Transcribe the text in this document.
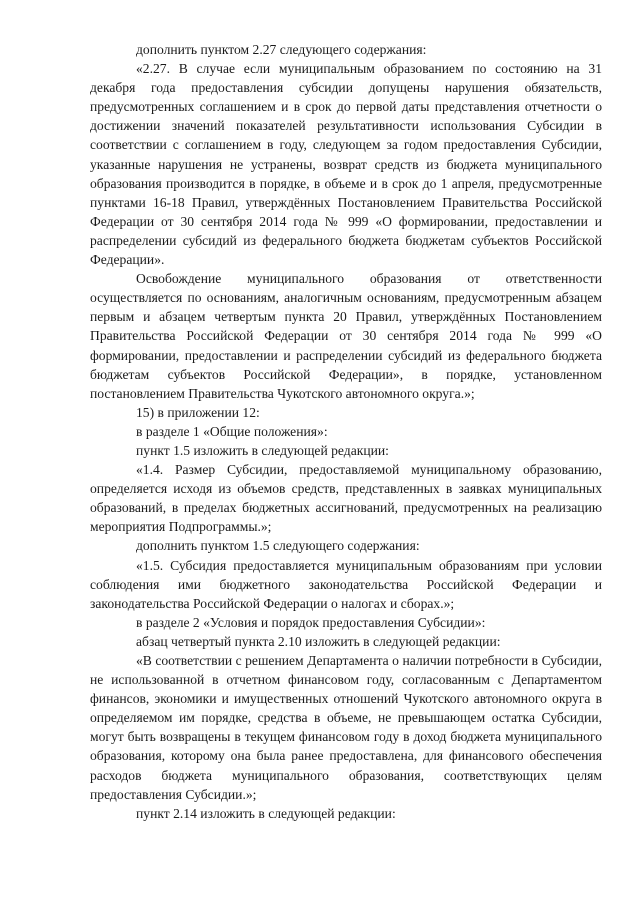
дополнить пунктом 2.27 следующего содержания:

«2.27. В случае если муниципальным образованием по состоянию на 31 декабря года предоставления субсидии допущены нарушения обязательств, предусмотренных соглашением и в срок до первой даты представления отчетности о достижении значений показателей результативности использования Субсидии в соответствии с соглашением в году, следующем за годом предоставления Субсидии, указанные нарушения не устранены, возврат средств из бюджета муниципального образования производится в порядке, в объеме и в срок до 1 апреля, предусмотренные пунктами 16-18 Правил, утверждённых Постановлением Правительства Российской Федерации от 30 сентября 2014 года № 999 «О формировании, предоставлении и распределении субсидий из федерального бюджета бюджетам субъектов Российской Федерации».

Освобождение муниципального образования от ответственности осуществляется по основаниям, аналогичным основаниям, предусмотренным абзацем первым и абзацем четвертым пункта 20 Правил, утверждённых Постановлением Правительства Российской Федерации от 30 сентября 2014 года № 999 «О формировании, предоставлении и распределении субсидий из федерального бюджета бюджетам субъектов Российской Федерации», в порядке, установленном постановлением Правительства Чукотского автономного округа.»;

15) в приложении 12:

в разделе 1 «Общие положения»:

пункт 1.5 изложить в следующей редакции:

«1.4. Размер Субсидии, предоставляемой муниципальному образованию, определяется исходя из объемов средств, представленных в заявках муниципальных образований, в пределах бюджетных ассигнований, предусмотренных на реализацию мероприятия Подпрограммы.»;

дополнить пунктом 1.5 следующего содержания:

«1.5. Субсидия предоставляется муниципальным образованиям при условии соблюдения ими бюджетного законодательства Российской Федерации и законодательства Российской Федерации о налогах и сборах.»;

в разделе 2 «Условия и порядок предоставления Субсидии»:

абзац четвертый пункта 2.10 изложить в следующей редакции:

«В соответствии с решением Департамента о наличии потребности в Субсидии, не использованной в отчетном финансовом году, согласованным с Департаментом финансов, экономики и имущественных отношений Чукотского автономного округа в определяемом им порядке, средства в объеме, не превышающем остатка Субсидии, могут быть возвращены в текущем финансовом году в доход бюджета муниципального образования, которому она была ранее предоставлена, для финансового обеспечения расходов бюджета муниципального образования, соответствующих целям предоставления Субсидии.»;

пункт 2.14 изложить в следующей редакции:
